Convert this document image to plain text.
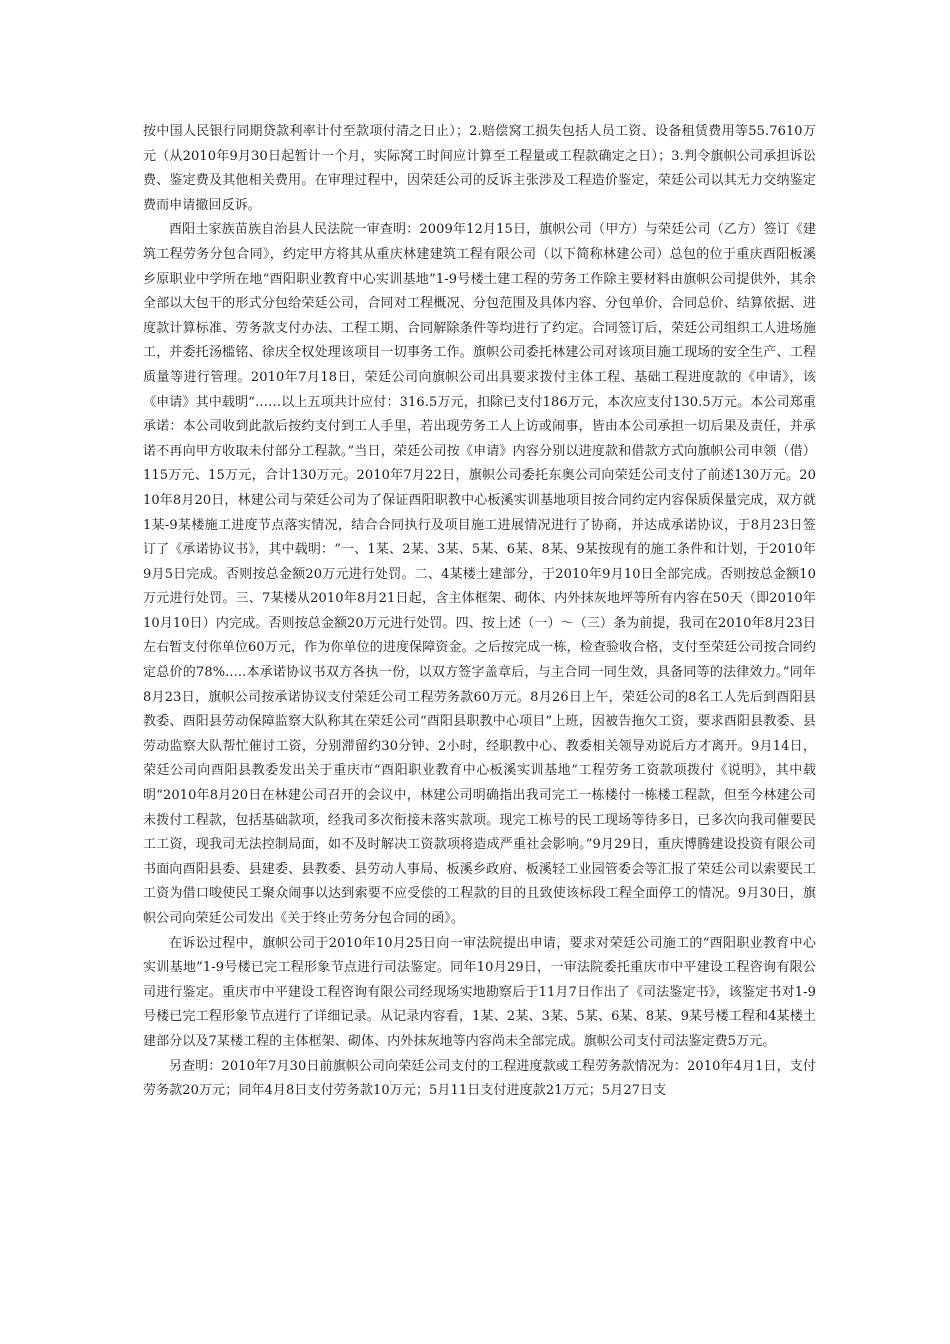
按中国人民银行同期贷款利率计付至款项付清之日止）；2.赔偿窝工损失包括人员工资、设备租赁费用等55.7610万元（从2010年9月30日起暂计一个月，实际窝工时间应计算至工程量或工程款确定之日）；3.判令旗帜公司承担诉讼费、鉴定费及其他相关费用。在审理过程中，因荣廷公司的反诉主张涉及工程造价鉴定，荣廷公司以其无力交纳鉴定费而申请撤回反诉。

酉阳土家族苗族自治县人民法院一审查明：2009年12月15日，旗帜公司（甲方）与荣廷公司（乙方）签订《建筑工程劳务分包合同》，约定甲方将其从重庆林建建筑工程有限公司（以下简称林建公司）总包的位于重庆酉阳板溪乡原职业中学所在地“酉阳职业教育中心实训基地”1-9号楼土建工程的劳务工作除主要材料由旗帜公司提供外，其余全部以大包干的形式分包给荣廷公司，合同对工程概况、分包范围及具体内容、分包单价、合同总价、结算依据、进度款计算标准、劳务款支付办法、工程工期、合同解除条件等均进行了约定。合同签订后，荣廷公司组织工人进场施工，并委托汤槛铭、徐庆全权处理该项目一切事务工作。旗帜公司委托林建公司对该项目施工现场的安全生产、工程质量等进行管理。2010年7月18日，荣廷公司向旗帜公司出具要求拨付主体工程、基础工程进度款的《申请》，该《申请》其中载明“……以上五项共计应付：316.5万元，扣除已支付186万元，本次应支付130.5万元。本公司郑重承诺：本公司收到此款后按约支付到工人手里，若出现劳务工人上访或闹事，皆由本公司承担一切后果及责任，并承诺不再向甲方收取未付部分工程款。”当日，荣廷公司按《申请》内容分别以进度款和借款方式向旗帜公司申领（借）115万元、15万元，合计130万元。2010年7月22日，旗帜公司委托东奥公司向荣廷公司支付了前述130万元。2010年8月20日，林建公司与荣廷公司为了保证酉阳职教中心板溪实训基地项目按合同约定内容保质保量完成，双方就1某-9某楼施工进度节点落实情况，结合合同执行及项目施工进展情况进行了协商，并达成承诺协议，于8月23日签订了《承诺协议书》，其中载明：“一、1某、2某、3某、5某、6某、8某、9某按现有的施工条件和计划，于2010年9月5日完成。否则按总金额20万元进行处罚。二、4某楼土建部分，于2010年9月10日全部完成。否则按总金额10万元进行处罚。三、7某楼从2010年8月21日起，含主体框架、砌体、内外抹灰地坪等所有内容在50天（即2010年10月10日）内完成。否则按总金额20万元进行处罚。四、按上述（一）～（三）条为前提，我司在2010年8月23日左右暂支付你单位60万元，作为你单位的进度保障资金。之后按完成一栋，检查验收合格，支付至荣廷公司按合同约定总价的78%.....本承诺协议书双方各执一份，以双方签字盖章后，与主合同一同生效，具备同等的法律效力。”同年8月23日，旗帜公司按承诺协议支付荣廷公司工程劳务款60万元。8月26日上午，荣廷公司的8名工人先后到酉阳县教委、酉阳县劳动保障监察大队称其在荣廷公司“酉阳县职教中心项目”上班，因被告拖欠工资，要求酉阳县教委、县劳动监察大队帮忙催讨工资，分别滞留约30分钟、2小时，经职教中心、教委相关领导劝说后方才离开。9月14日，荣廷公司向酉阳县教委发出关于重庆市“酉阳职业教育中心板溪实训基地”工程劳务工资款项拨付《说明》，其中载明“2010年8月20日在林建公司召开的会议中，林建公司明确指出我司完工一栋楼付一栋楼工程款，但至今林建公司未拨付工程款，包括基础款项，经我司多次衔接未落实款项。现完工栋号的民工现场等待多日，已多次向我司催要民工工资，现我司无法控制局面，如不及时解决工资款项将造成严重社会影响。”9月29日，重庆博腾建设投资有限公司书面向酉阳县委、县建委、县教委、县劳动人事局、板溪乡政府、板溪轻工业园管委会等汇报了荣廷公司以索要民工工资为借口唆使民工聚众闹事以达到索要不应受偿的工程款的目的且致使该标段工程全面停工的情况。9月30日，旗帜公司向荣廷公司发出《关于终止劳务分包合同的函》。

在诉讼过程中，旗帜公司于2010年10月25日向一审法院提出申请，要求对荣廷公司施工的“酉阳职业教育中心实训基地”1-9号楼已完工程形象节点进行司法鉴定。同年10月29日，一审法院委托重庆市中平建设工程咨询有限公司进行鉴定。重庆市中平建设工程咨询有限公司经现场实地勘察后于11月7日作出了《司法鉴定书》，该鉴定书对1-9号楼已完工程形象节点进行了详细记录。从记录内容看，1某、2某、3某、5某、6某、8某、9某号楼工程和4某楼土建部分以及7某楼工程的主体框架、砌体、内外抹灰地等内容尚未全部完成。旗帜公司支付司法鉴定费5万元。

另查明：2010年7月30日前旗帜公司向荣廷公司支付的工程进度款或工程劳务款情况为：2010年4月1日，支付劳务款20万元；同年4月8日支付劳务款10万元；5月11日支付进度款21万元；5月27日支
